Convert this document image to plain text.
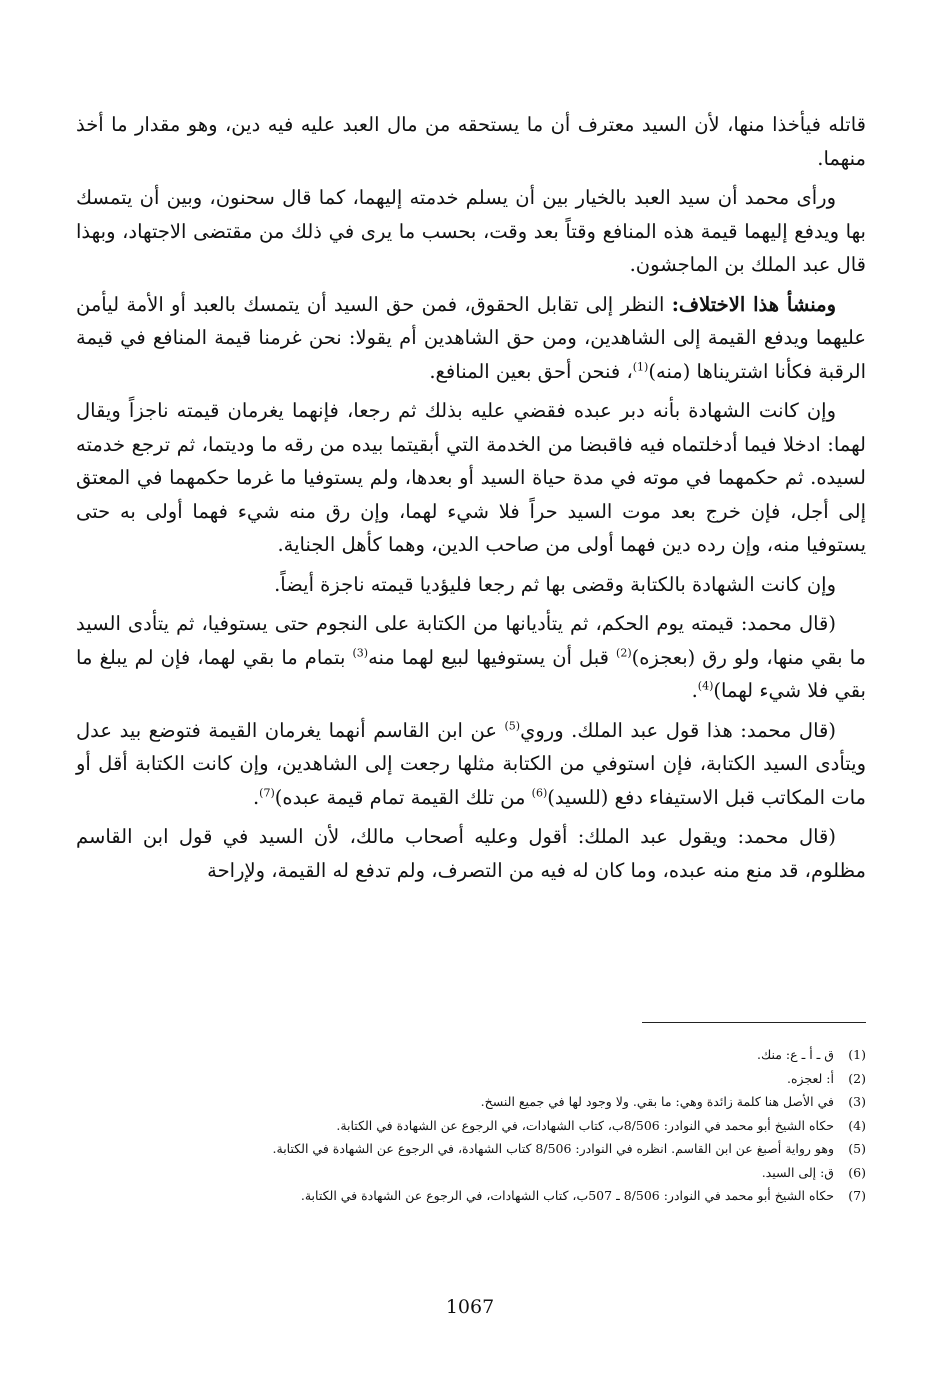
قاتله فيأخذا منها، لأن السيد معترف أن ما يستحقه من مال العبد عليه فيه دين، وهو مقدار ما أخذ منهما.

ورأى محمد أن سيد العبد بالخيار بين أن يسلم خدمته إليهما، كما قال سحنون، وبين أن يتمسك بها ويدفع إليهما قيمة هذه المنافع وقتاً بعد وقت، بحسب ما يرى في ذلك من مقتضى الاجتهاد، وبهذا قال عبد الملك بن الماجشون.

ومنشأ هذا الاختلاف: النظر إلى تقابل الحقوق، فمن حق السيد أن يتمسك بالعبد أو الأمة ليأمن عليهما ويدفع القيمة إلى الشاهدين، ومن حق الشاهدين أم يقولا: نحن غرمنا قيمة المنافع في قيمة الرقبة فكأنا اشتريناها (منه)$^{(1)}$، فنحن أحق بعين المنافع.

وإن كانت الشهادة بأنه دبر عبده فقضي عليه بذلك ثم رجعا، فإنهما يغرمان قيمته ناجزاً ويقال لهما: ادخلا فيما أدخلتماه فيه فاقبضا من الخدمة التي أبقيتما بيده من رقه ما وديتما، ثم ترجع خدمته لسيده. ثم حكمهما في موته في مدة حياة السيد أو بعدها، ولم يستوفيا ما غرما حكمهما في المعتق إلى أجل، فإن خرج بعد موت السيد حراً فلا شيء لهما، وإن رق منه شيء فهما أولى به حتى يستوفيا منه، وإن رده دين فهما أولى من صاحب الدين، وهما كأهل الجناية.

وإن كانت الشهادة بالكتابة وقضى بها ثم رجعا فليؤديا قيمته ناجزة أيضاً.

(قال محمد: قيمته يوم الحكم، ثم يتأديانها من الكتابة على النجوم حتى يستوفيا، ثم يتأدى السيد ما بقي منها، ولو رق (بعجزه)$^{(2)}$ قبل أن يستوفيها لبيع لهما منه$^{(3)}$ بتمام ما بقي لهما، فإن لم يبلغ ما بقي فلا شيء لهما)$^{(4)}$.

(قال محمد: هذا قول عبد الملك. وروي$^{(5)}$ عن ابن القاسم أنهما يغرمان القيمة فتوضع بيد عدل ويتأدى السيد الكتابة، فإن استوفي من الكتابة مثلها رجعت إلى الشاهدين، وإن كانت الكتابة أقل أو مات المكاتب قبل الاستيفاء دفع (للسيد)$^{(6)}$ من تلك القيمة تمام قيمة عبده)$^{(7)}$.

(قال محمد: ويقول عبد الملك: أقول وعليه أصحاب مالك، لأن السيد في قول ابن القاسم مظلوم، قد منع منه عبده، وما كان له فيه من التصرف، ولم تدفع له القيمة، ولإراحة

(1)ق ـ أ ـ ع: منك.
(2)أ: لعجزه.
(3)في الأصل هنا كلمة زائدة وهي: ما بقي. ولا وجود لها في جميع النسخ.
(4)حكاه الشيخ أبو محمد في النوادر: 8/506ب، كتاب الشهادات، في الرجوع عن الشهادة في الكتابة.
(5)وهو رواية أصبغ عن ابن القاسم. انظره في النوادر: 8/506 كتاب الشهادة، في الرجوع عن الشهادة في الكتابة.
(6)ق: إلى السيد.
(7)حكاه الشيخ أبو محمد في النوادر: 8/506 ـ 507ب، كتاب الشهادات، في الرجوع عن الشهادة في الكتابة.
1067
